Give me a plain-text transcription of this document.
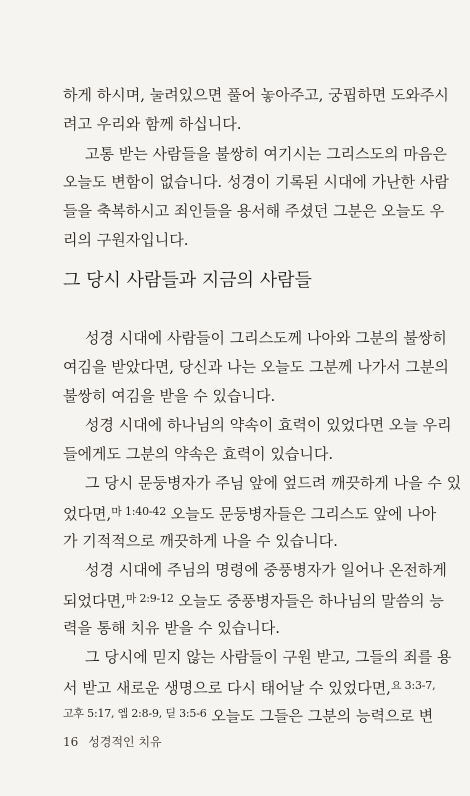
하게 하시며, 눌려있으면 풀어 놓아주고, 궁핍하면 도와주시
려고 우리와 함께 하십니다.
고통 받는 사람들을 불쌍히 여기시는 그리스도의 마음은
오늘도 변함이 없습니다. 성경이 기록된 시대에 가난한 사람
들을 축복하시고 죄인들을 용서해 주셨던 그분은 오늘도 우
리의 구원자입니다.
그 당시 사람들과 지금의 사람들
성경 시대에 사람들이 그리스도께 나아와 그분의 불쌍히
여김을 받았다면, 당신과 나는 오늘도 그분께 나가서 그분의
불쌍히 여김을 받을 수 있습니다.
성경 시대에 하나님의 약속이 효력이 있었다면 오늘 우리
들에게도 그분의 약속은 효력이 있습니다.
그 당시 문둥병자가 주님 앞에 엎드려 깨끗하게 나을 수 있
었다면,$^{마 1:40-42}$ 오늘도 문둥병자들은 그리스도 앞에 나아
가 기적적으로 깨끗하게 나을 수 있습니다.
성경 시대에 주님의 명령에 중풍병자가 일어나 온전하게
되었다면,$^{마 2:9-12}$ 오늘도 중풍병자들은 하나님의 말씀의 능
력을 통해 치유 받을 수 있습니다.
그 당시에 믿지 않는 사람들이 구원 받고, 그들의 죄를 용
서 받고 새로운 생명으로 다시 태어날 수 있었다면,$^{요 3:3-7,}$
$^{고후 5:17, 엡 2:8-9, 딛 3:5-6}$ 오늘도 그들은 그분의 능력으로 변
16 성경적인 치유
